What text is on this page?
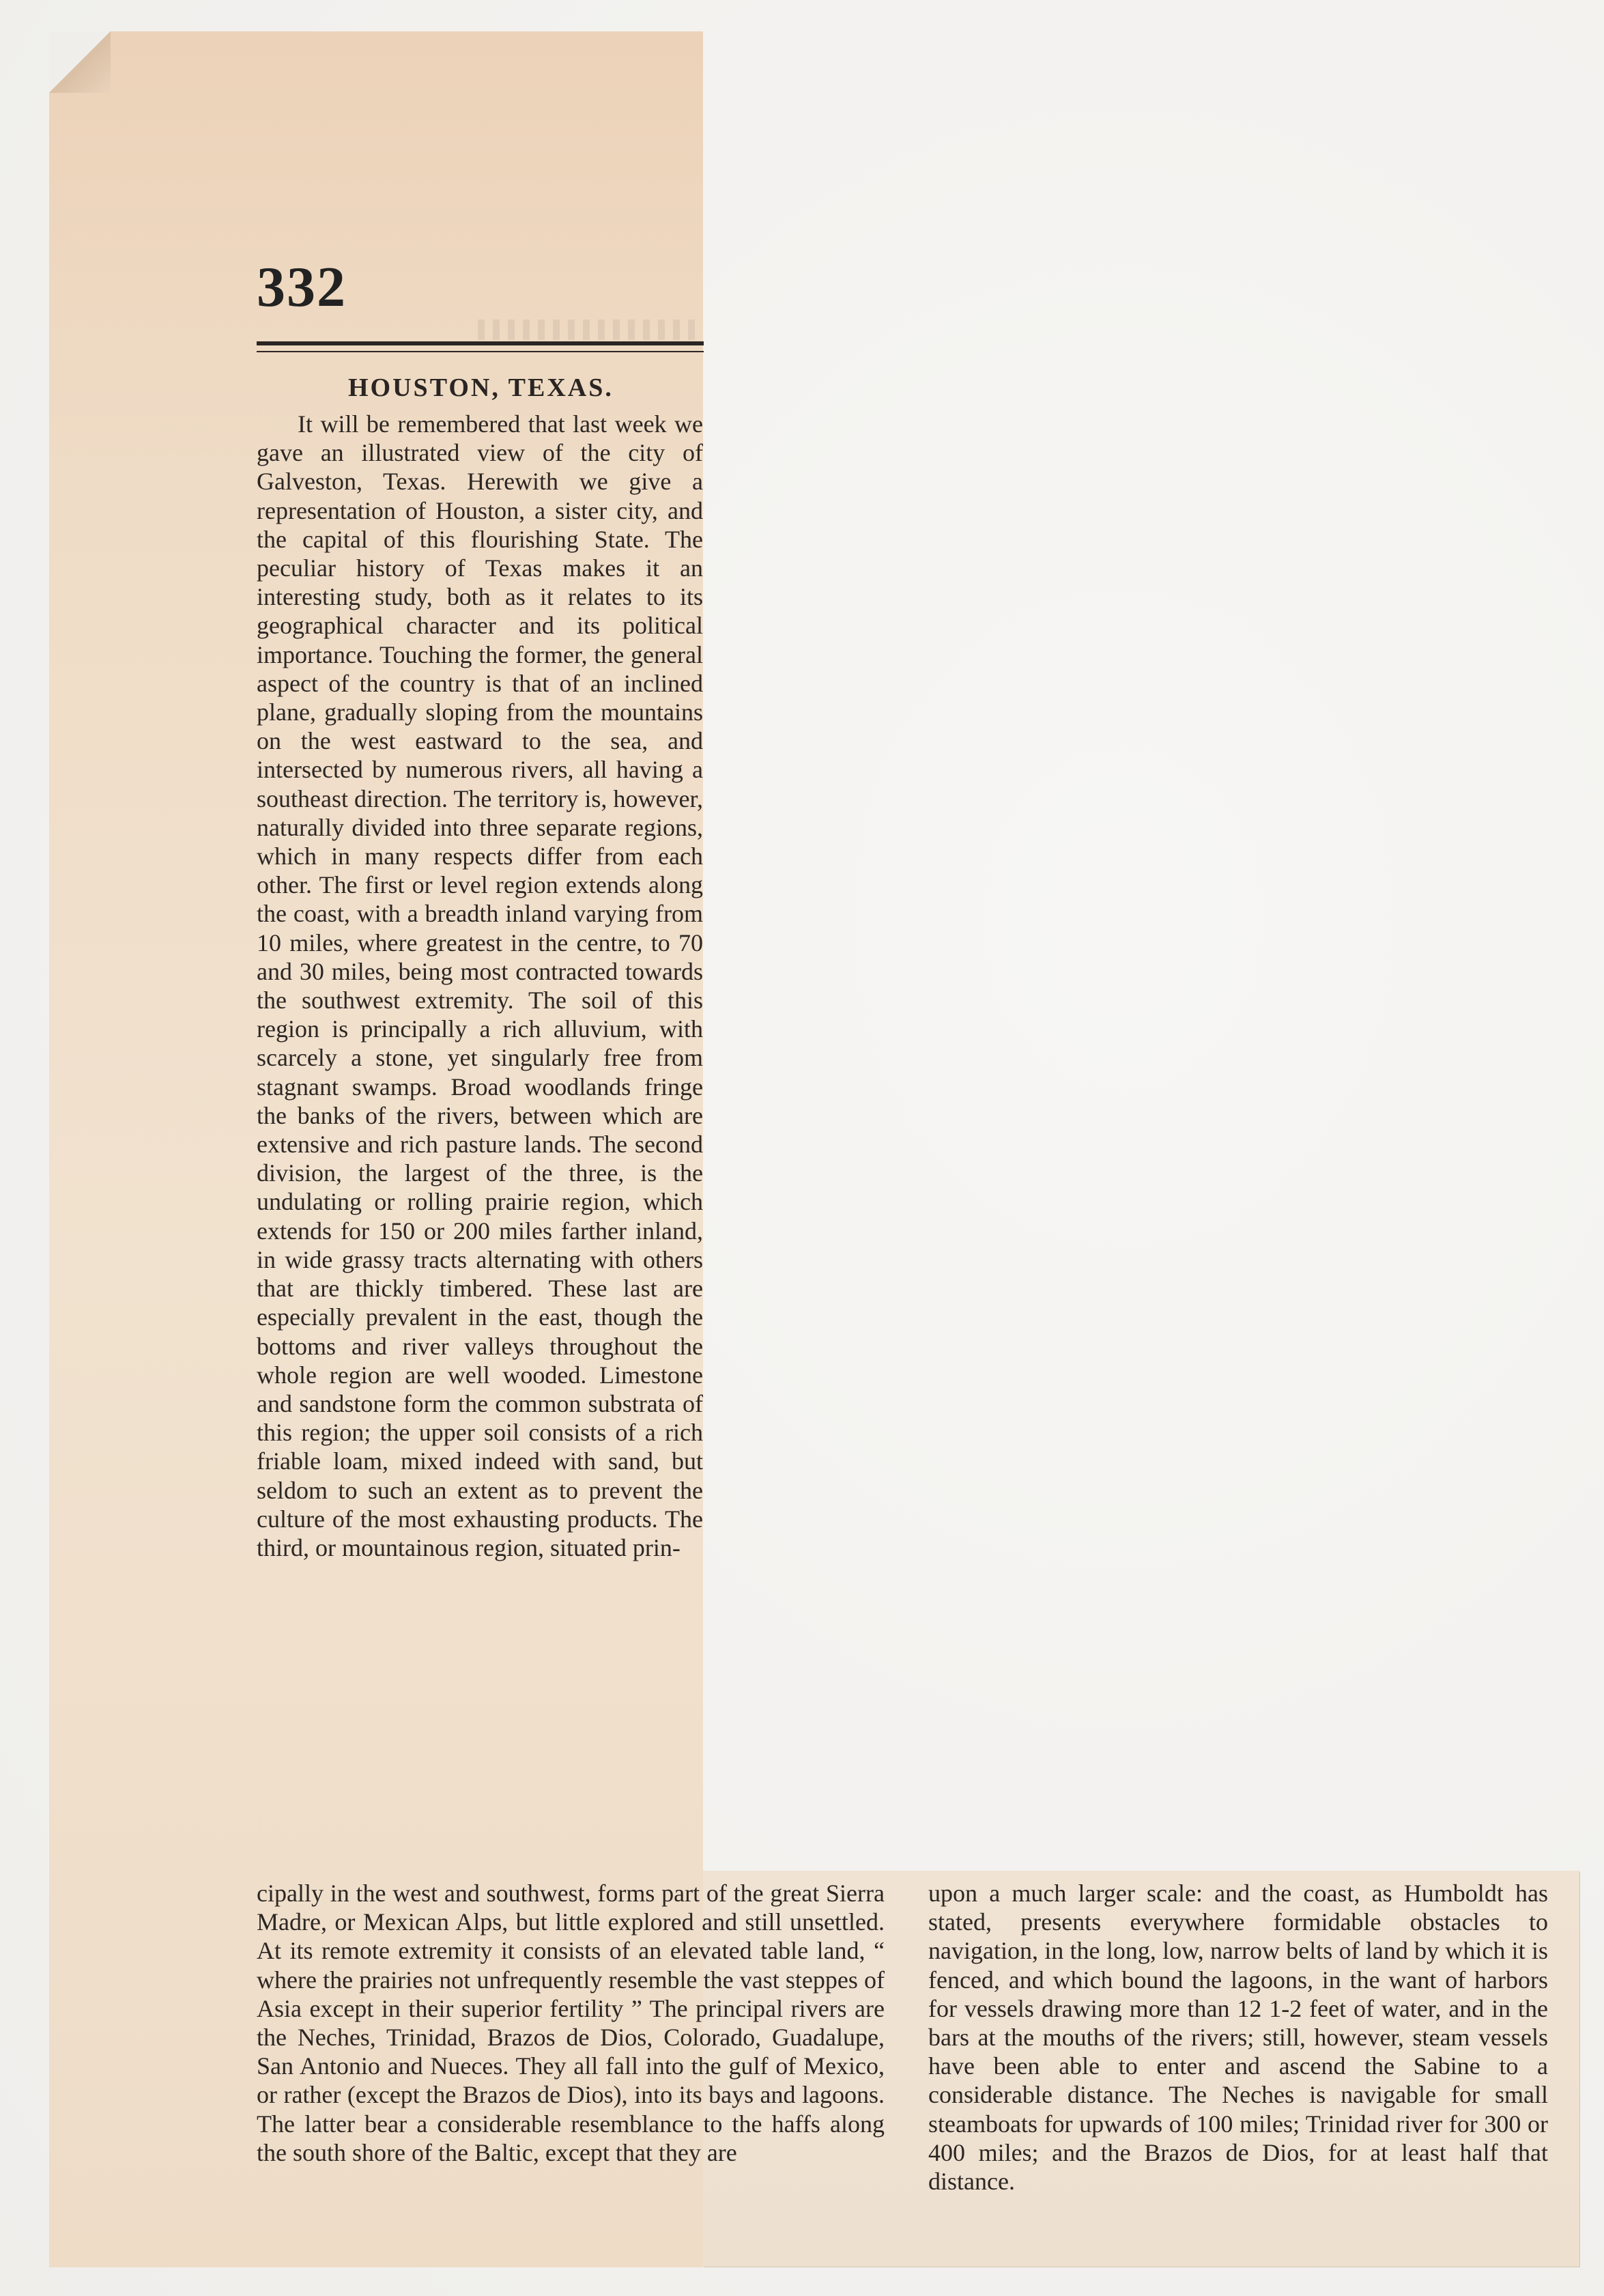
332
HOUSTON, TEXAS.

It will be remembered that last week we gave an illustrated view of the city of Galveston, Texas. Herewith we give a representation of Houston, a sister city, and the capital of this flourishing State. The peculiar history of Texas makes it an interesting study, both as it relates to its geographical character and its political importance. Touching the former, the general aspect of the country is that of an inclined plane, gradually sloping from the mountains on the west eastward to the sea, and intersected by numerous rivers, all having a southeast direction. The territory is, however, naturally divided into three separate regions, which in many respects differ from each other. The first or level region extends along the coast, with a breadth inland varying from 10 miles, where greatest in the centre, to 70 and 30 miles, being most contracted towards the southwest extremity. The soil of this region is principally a rich alluvium, with scarcely a stone, yet singularly free from stagnant swamps. Broad woodlands fringe the banks of the rivers, between which are extensive and rich pasture lands. The second division, the largest of the three, is the undulating or rolling prairie region, which extends for 150 or 200 miles farther inland, in wide grassy tracts alternating with others that are thickly timbered. These last are especially prevalent in the east, though the bottoms and river valleys throughout the whole region are well wooded. Limestone and sandstone form the common substrata of this region; the upper soil consists of a rich friable loam, mixed indeed with sand, but seldom to such an extent as to prevent the culture of the most exhausting products. The third, or mountainous region, situated prin-

cipally in the west and southwest, forms part of the great Sierra Madre, or Mexican Alps, but little explored and still unsettled. At its remote extremity it consists of an elevated table land, “ where the prairies not unfrequently resemble the vast steppes of Asia except in their superior fertility ” The principal rivers are the Neches, Trinidad, Brazos de Dios, Colorado, Guadalupe, San Antonio and Nueces. They all fall into the gulf of Mexico, or rather (except the Brazos de Dios), into its bays and lagoons. The latter bear a considerable resemblance to the haffs along the south shore of the Baltic, except that they are

upon a much larger scale: and the coast, as Humboldt has stated, presents everywhere formidable obstacles to navigation, in the long, low, narrow belts of land by which it is fenced, and which bound the lagoons, in the want of harbors for vessels drawing more than 12 1-2 feet of water, and in the bars at the mouths of the rivers; still, however, steam vessels have been able to enter and ascend the Sabine to a considerable distance. The Neches is navigable for small steamboats for upwards of 100 miles; Trinidad river for 300 or 400 miles; and the Brazos de Dios, for at least half that distance.
